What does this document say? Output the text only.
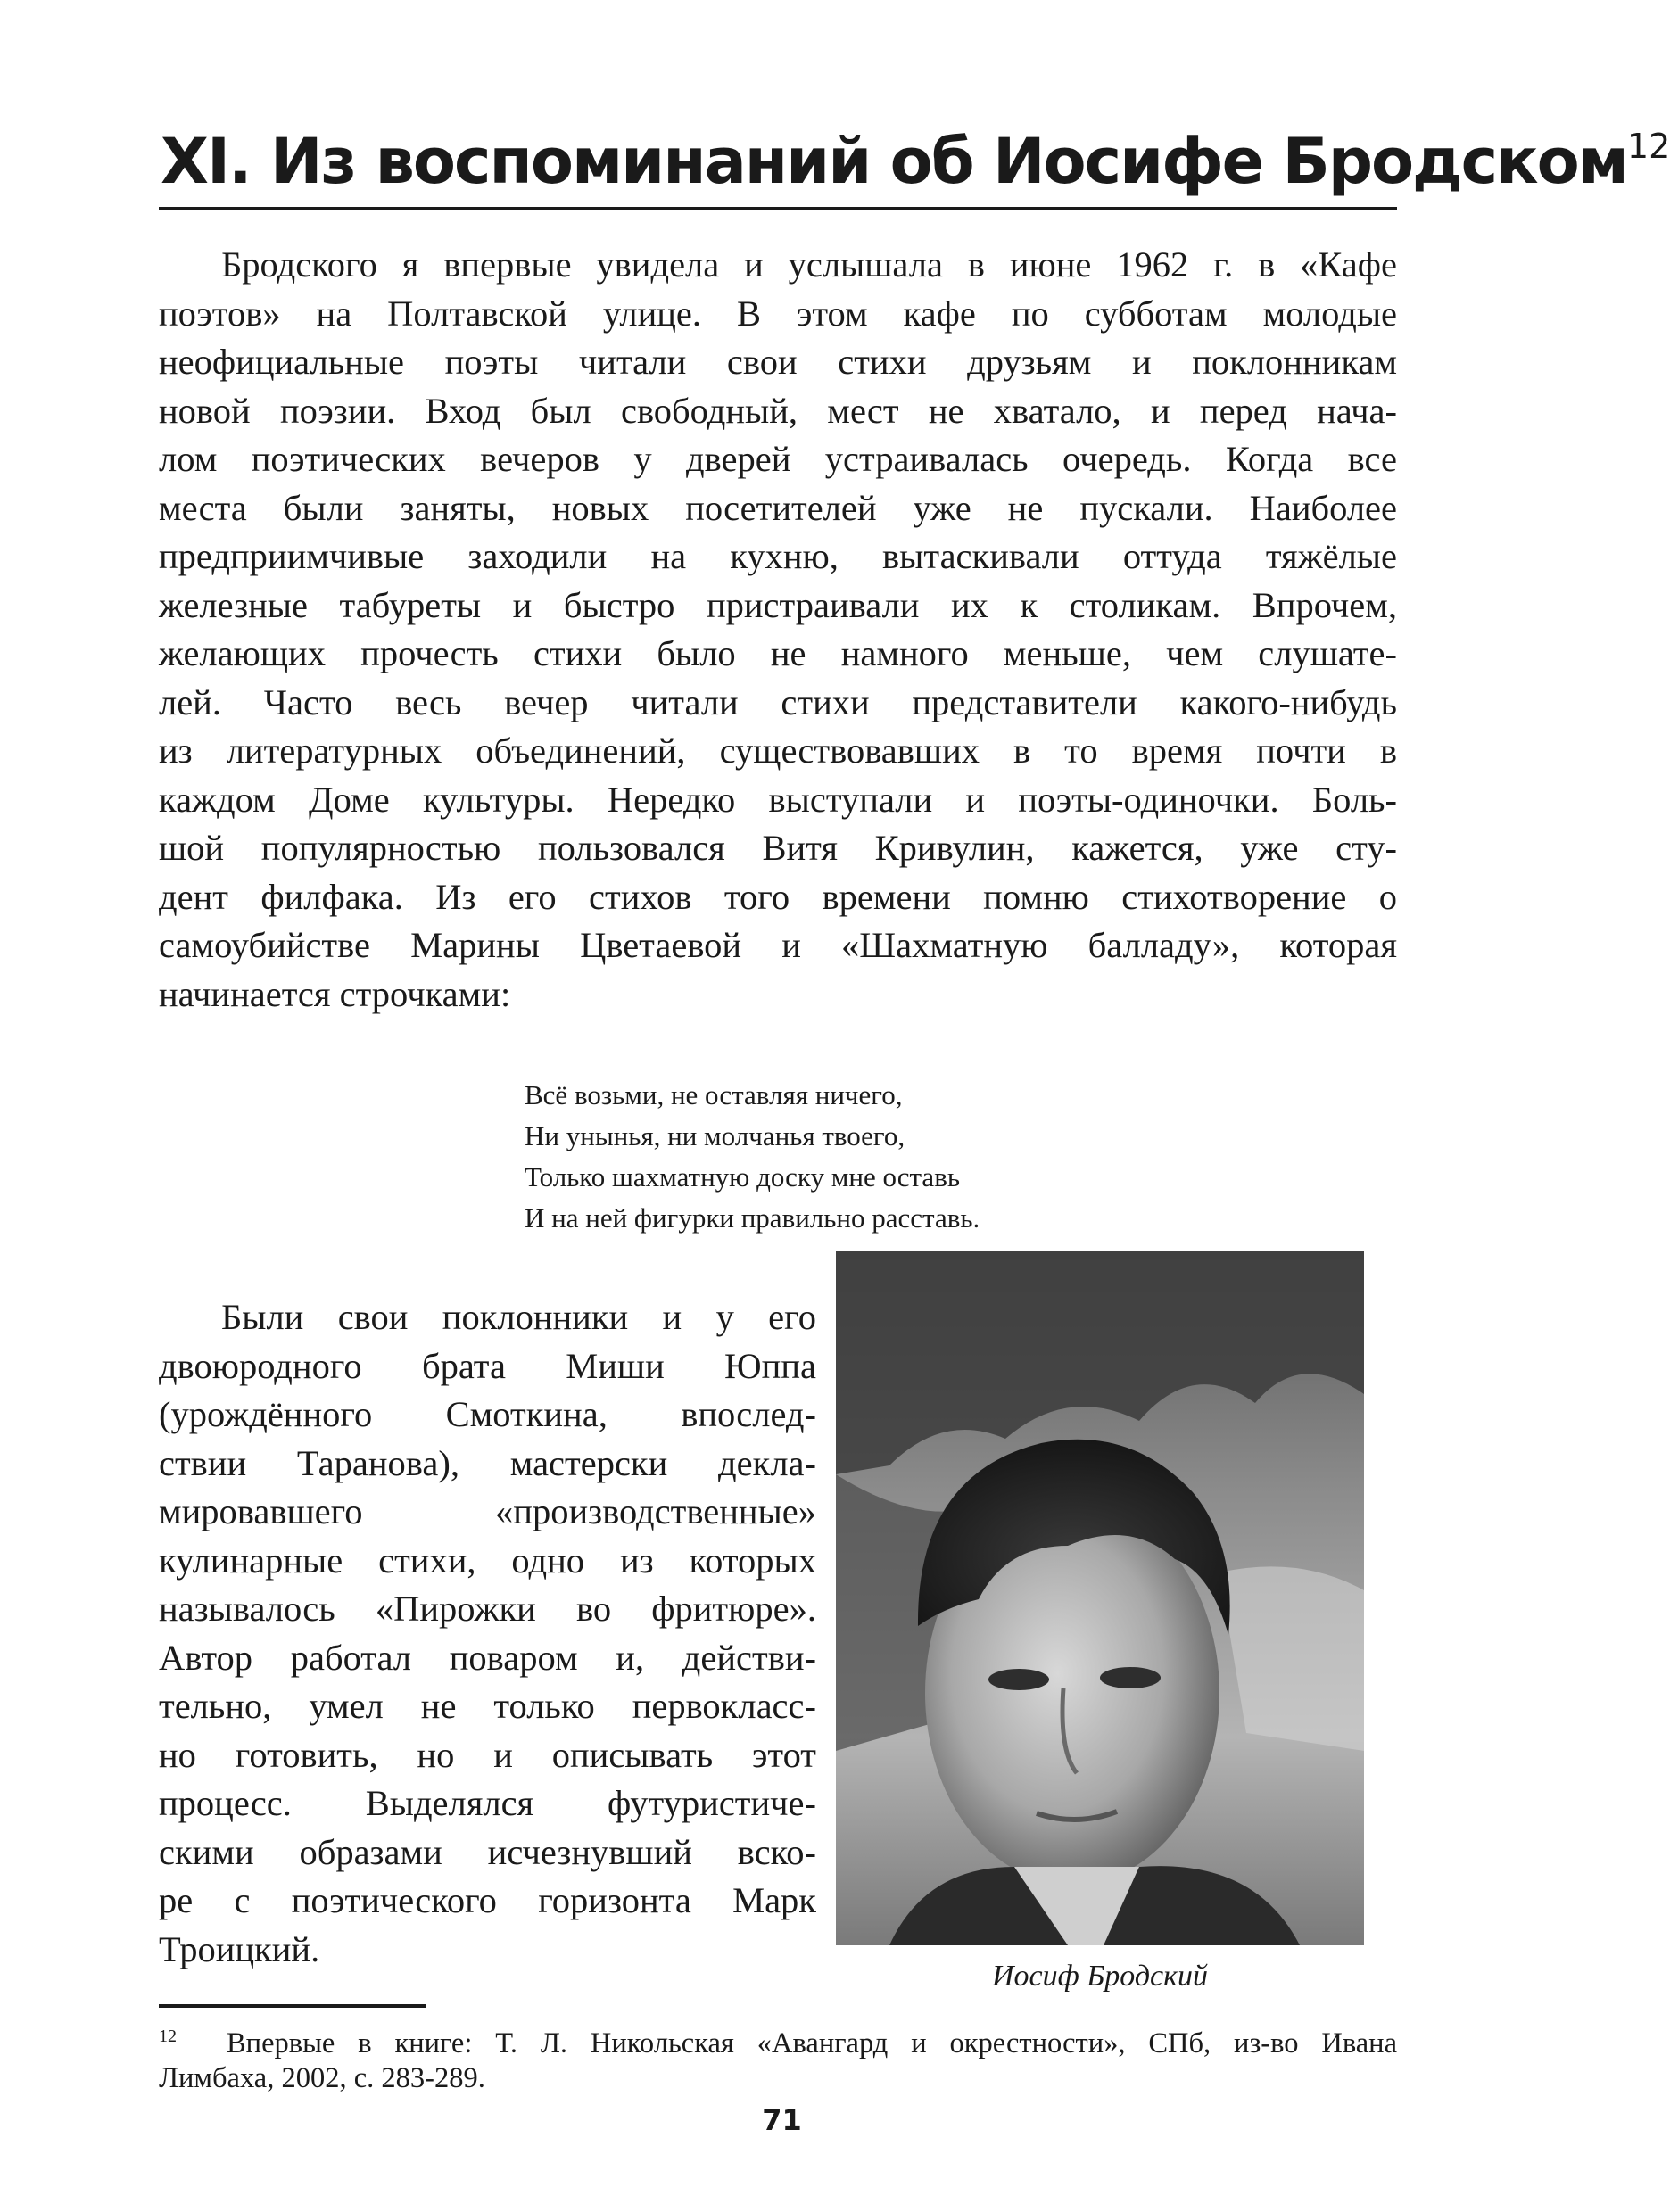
XI. Из воспоминаний об Иосифе Бродском$^{12}$
Бродского я впервые увидела и услышала в июне 1962 г. в «Кафе
поэтов» на Полтавской улице. В этом кафе по субботам молодые
неофициальные поэты читали свои стихи друзьям и поклонникам
новой поэзии. Вход был свободный, мест не хватало, и перед нача-
лом поэтических вечеров у дверей устраивалась очередь. Когда все
места были заняты, новых посетителей уже не пускали. Наиболее
предприимчивые заходили на кухню, вытаскивали оттуда тяжёлые
железные табуреты и быстро пристраивали их к столикам. Впрочем,
желающих прочесть стихи было не намного меньше, чем слушате-
лей. Часто весь вечер читали стихи представители какого-нибудь
из литературных объединений, существовавших в то время почти в
каждом Доме культуры. Нередко выступали и поэты-одиночки. Боль-
шой популярностью пользовался Витя Кривулин, кажется, уже сту-
дент филфака. Из его стихов того времени помню стихотворение о
самоубийстве Марины Цветаевой и «Шахматную балладу», которая
начинается строчками:
Всё возьми, не оставляя ничего,
Ни унынья, ни молчанья твоего,
Только шахматную доску мне оставь
И на ней фигурки правильно расставь.
Были свои поклонники и у его
двоюродного брата Миши Юппа
(урождённого Смоткина, впослед-
ствии Таранова), мастерски декла-
мировавшего «производственные»
кулинарные стихи, одно из которых
называлось «Пирожки во фритюре».
Автор работал поваром и, действи-
тельно, умел не только первокласс-
но готовить, но и описывать этот
процесс. Выделялся футуристиче-
скими образами исчезнувший вско-
ре с поэтического горизонта Марк
Троицкий.
Иосиф Бродский
12 Впервые в книге: Т. Л. Никольская «Авангард и окрестности», СПб, из-во Ивана
Лимбаха, 2002, с. 283-289.
71
